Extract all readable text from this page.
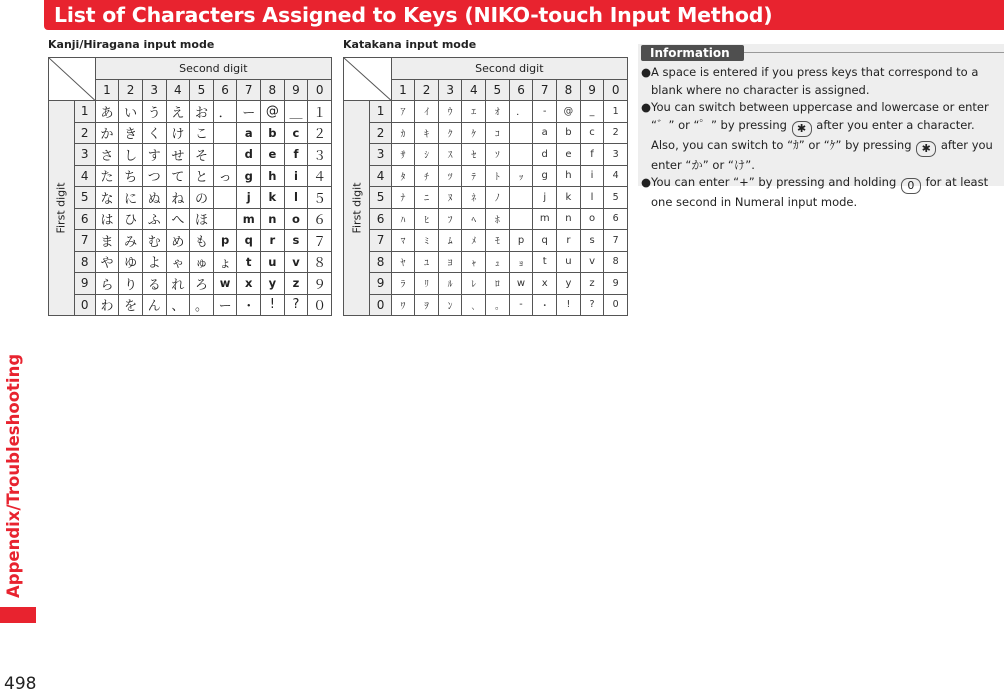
List of Characters Assigned to Keys (NIKO-touch Input Method)
Appendix/Troubleshooting
498
Kanji/Hiragana input mode	Katakana input mode
	Second digit									
		1	2	3	4	5	6	7	8	9	0

First digit	1	あ	い	う	え	お	．	ー	@	＿	１
	2	か	き	く	け	こ		a	b	c	２
	3	さ	し	す	せ	そ		d	e	f	３
	4	た	ち	つ	て	と	っ	g	h	i	４
	5	な	に	ぬ	ね	の		j	k	l	５
	6	は	ひ	ふ	へ	ほ		m	n	o	６
	7	ま	み	む	め	も	p	q	r	s	７
	8	や	ゆ	よ	ゃ	ゅ	ょ	t	u	v	８
	9	ら	り	る	れ	ろ	w	x	y	z	９
	0	わ	を	ん	、	。	ー	・	!	?	０
	Second digit									
		1	2	3	4	5	6	7	8	9	0

First digit	1	ｱ	ｲ	ｳ	ｴ	ｵ	．	-	@	_	1
	2	ｶ	ｷ	ｸ	ｹ	ｺ		a	b	c	2
	3	ｻ	ｼ	ｽ	ｾ	ｿ		d	e	f	3
	4	ﾀ	ﾁ	ﾂ	ﾃ	ﾄ	ｯ	g	h	i	4
	5	ﾅ	ﾆ	ﾇ	ﾈ	ﾉ		j	k	l	5
	6	ﾊ	ﾋ	ﾌ	ﾍ	ﾎ		m	n	o	6
	7	ﾏ	ﾐ	ﾑ	ﾒ	ﾓ	p	q	r	s	7
	8	ﾔ	ﾕ	ﾖ	ｬ	ｭ	ｮ	t	u	v	8
	9	ﾗ	ﾘ	ﾙ	ﾚ	ﾛ	w	x	y	z	9
	0	ﾜ	ｦ	ﾝ	､	｡	-	･	!	?	0
Information
● A space is entered if you press keys that correspond to a blank where no character is assigned.
● You can switch between uppercase and lowercase or enter “゛” or “゜” by pressing ✱ after you enter a character. Also, you can switch to “ｶ” or “ｹ” by pressing ✱ after you enter “か” or “け”.
● You can enter “+” by pressing and holding 0 for at least one second in Numeral input mode.
